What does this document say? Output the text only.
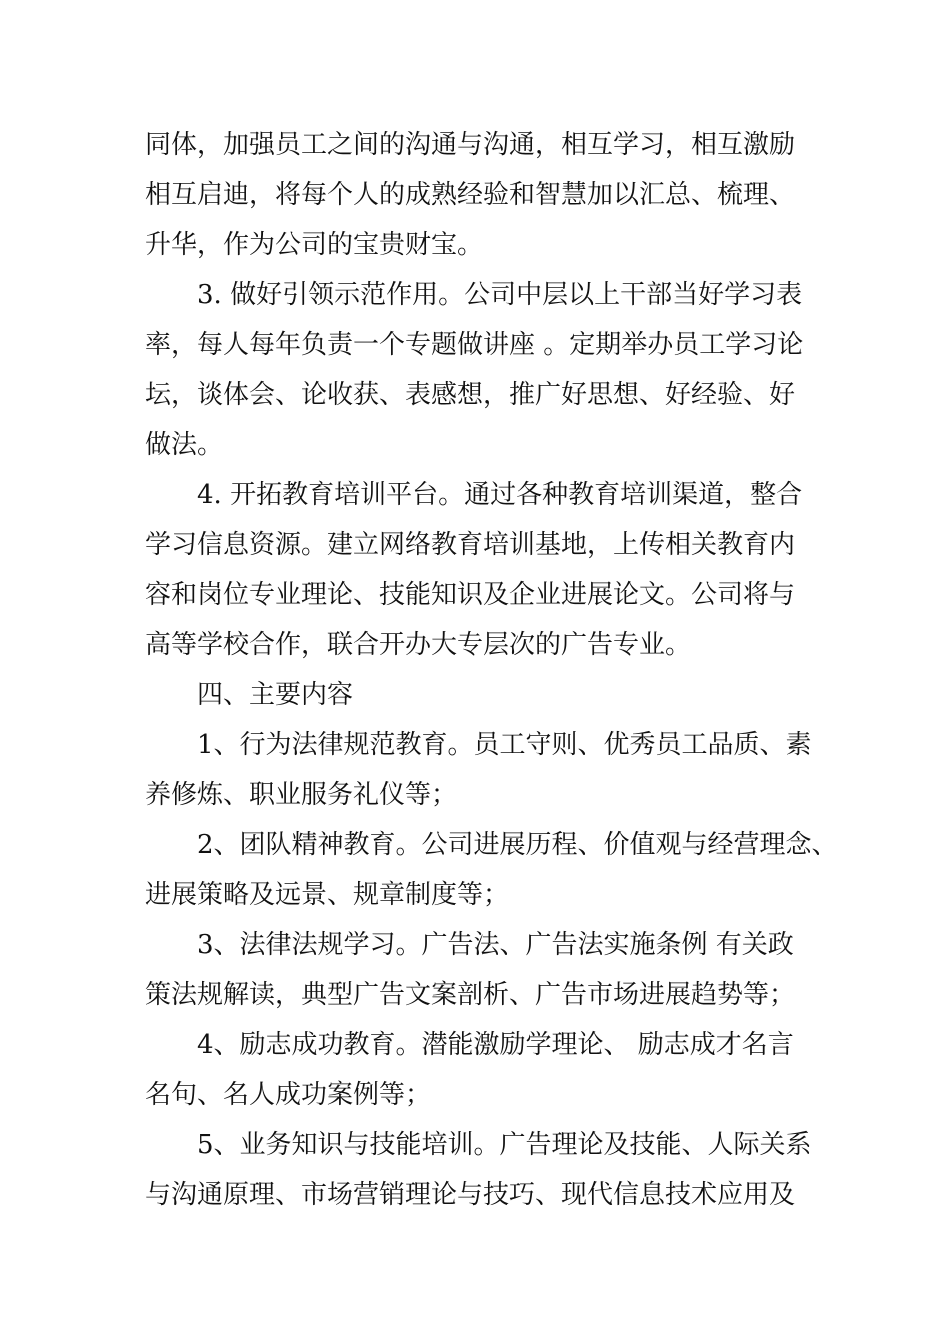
同体，加强员工之间的沟通与沟通，相互学习，相互激励
相互启迪，将每个人的成熟经验和智慧加以汇总、梳理、
升华，作为公司的宝贵财宝。
3. 做好引领示范作用。公司中层以上干部当好学习表
率，每人每年负责一个专题做讲座 。定期举办员工学习论
坛，谈体会、论收获、表感想，推广好思想、好经验、好
做法。
4. 开拓教育培训平台。通过各种教育培训渠道，整合
学习信息资源。建立网络教育培训基地，上传相关教育内
容和岗位专业理论、技能知识及企业进展论文。公司将与
高等学校合作，联合开办大专层次的广告专业。
四、主要内容
1、行为法律规范教育。员工守则、优秀员工品质、素
养修炼、职业服务礼仪等；
2、团队精神教育。公司进展历程、价值观与经营理念、
进展策略及远景、规章制度等；
3、法律法规学习。广告法、广告法实施条例 有关政
策法规解读，典型广告文案剖析、广告市场进展趋势等；
4、励志成功教育。潜能激励学理论、 励志成才名言
名句、名人成功案例等；
5、业务知识与技能培训。广告理论及技能、人际关系
与沟通原理、市场营销理论与技巧、现代信息技术应用及
